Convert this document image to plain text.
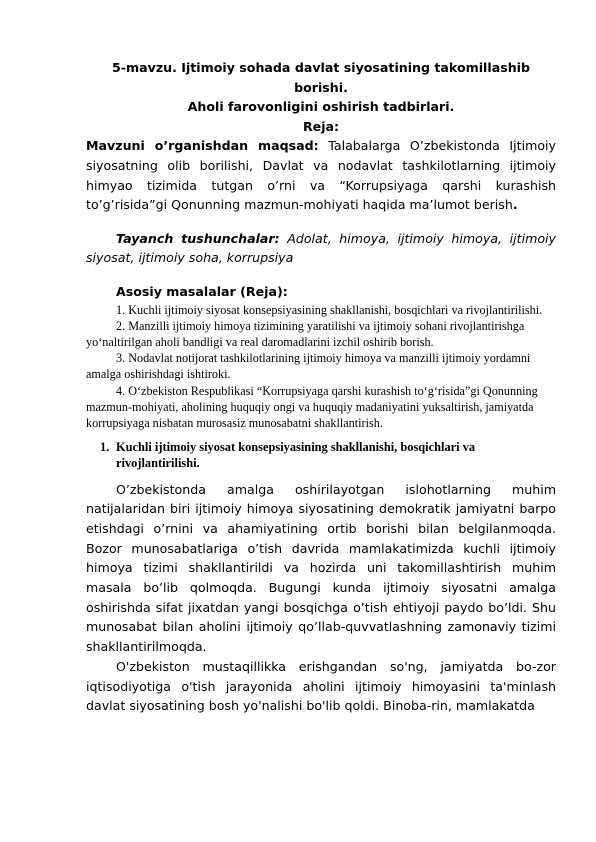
5-mavzu. Ijtimoiy sohada davlat siyosatining takomillashib borishi.

Aholi farovonligini oshirish tadbirlari.

Reja:

Mavzuni o’rganishdan maqsad: Talabalarga O’zbekistonda Ijtimoiy siyosatning olib borilishi, Davlat va nodavlat tashkilotlarning ijtimoiy himyao tizimida tutgan o’rni va “Korrupsiyaga qarshi kurashish to’g’risida”gi Qonunning mazmun-mohiyati haqida ma’lumot berish.

Tayanch tushunchalar: Adolat, himoya, ijtimoiy himoya, ijtimoiy siyosat, ijtimoiy soha, korrupsiya

Asosiy masalalar (Reja):

1. Kuchli ijtimoiy siyosat konsepsiyasining shakllanishi, bosqichlari va rivojlantirilishi.

2. Manzilli ijtimoiy himoya tizimining yaratilishi va ijtimoiy sohani rivojlantirishga yo‘naltirilgan aholi bandligi va real daromadlarini izchil oshirib borish.

3. Nodavlat notijorat tashkilotlarining ijtimoiy himoya va manzilli ijtimoiy yordamni amalga oshirishdagi ishtiroki.

4. O‘zbekiston Respublikasi “Korrupsiyaga qarshi kurashish to‘g‘risida”gi Qonunning mazmun-mohiyati, aholining huquqiy ongi va huquqiy madaniyatini yuksaltirish, jamiyatda korrupsiyaga nisbatan murosasiz munosabatni shakllantirish.

1. Kuchli ijtimoiy siyosat konsepsiyasining shakllanishi, bosqichlari va rivojlantirilishi.

O’zbekistonda amalga oshirilayotgan islohotlarning muhim natijalaridan biri ijtimoiy himoya siyosatining demokratik jamiyatni barpo etishdagi o’rnini va ahamiyatining ortib borishi bilan belgilanmoqda. Bozor munosabatlariga o’tish davrida mamlakatimizda kuchli ijtimoiy himoya tizimi shakllantirildi va hozirda uni takomillashtirish muhim masala bo’lib qolmoqda. Bugungi kunda ijtimoiy siyosatni amalga oshirishda sifat jixatdan yangi bosqichga o’tish ehtiyoji paydo bo’ldi. Shu munosabat bilan aholini ijtimoiy qo’llab-quvvatlashning zamonaviy tizimi shakllantirilmoqda.

O'zbekiston mustaqillikka erishgandan so'ng, jamiyatda bo-zor iqtisodiyotiga o'tish jarayonida aholini ijtimoiy himoyasini ta'minlash davlat siyosatining bosh yo'nalishi bo'lib qoldi. Binoba-rin, mamlakatda
